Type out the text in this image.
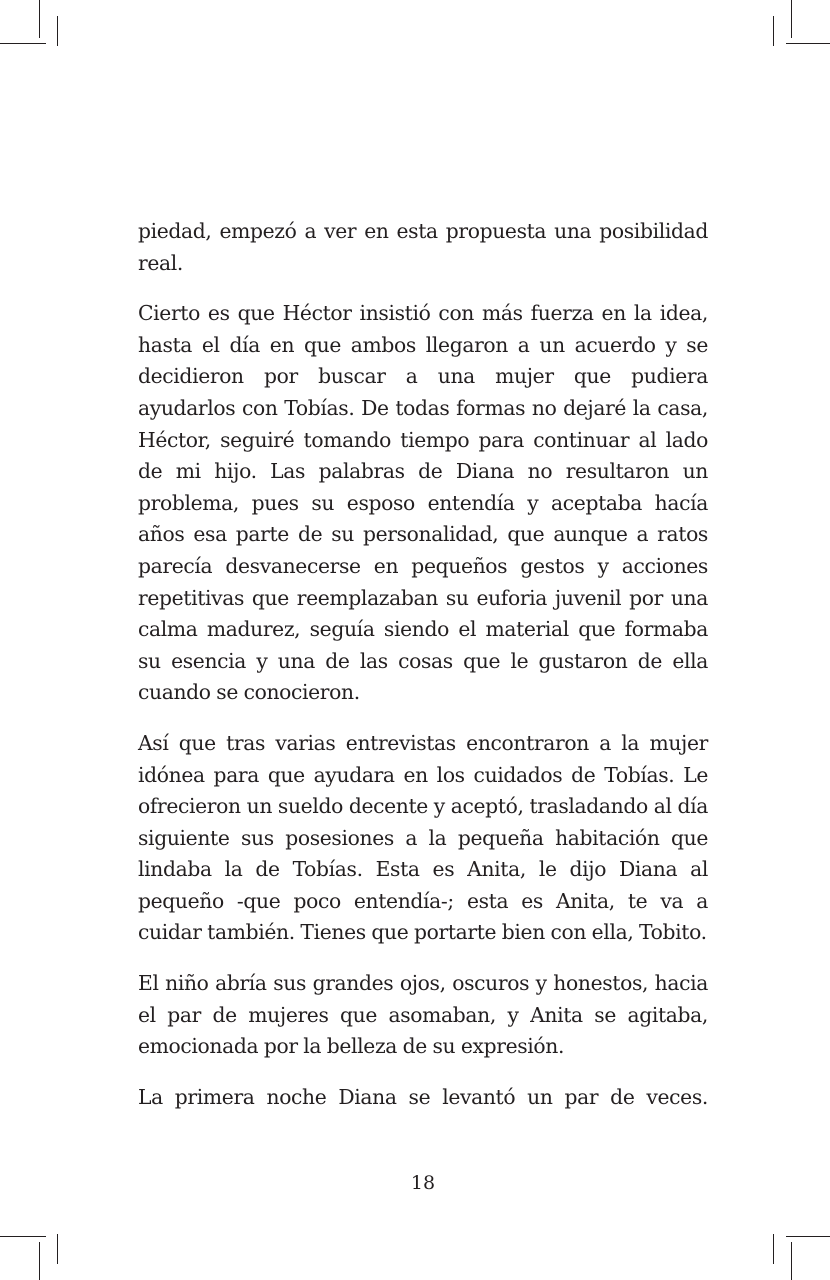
piedad, empezó a ver en esta propuesta una posibilidad real.

Cierto es que Héctor insistió con más fuerza en la idea, hasta el día en que ambos llegaron a un acuerdo y se decidieron por buscar a una mujer que pudiera ayudarlos con Tobías. De todas formas no dejaré la casa, Héctor, seguiré tomando tiempo para continuar al lado de mi hijo. Las palabras de Diana no resultaron un problema, pues su esposo entendía y aceptaba hacía años esa parte de su personalidad, que aunque a ratos parecía desvanecerse en pequeños gestos y acciones repetitivas que reemplazaban su euforia juvenil por una calma madurez, seguía siendo el material que formaba su esencia y una de las cosas que le gustaron de ella cuando se conocieron.

Así que tras varias entrevistas encontraron a la mujer idónea para que ayudara en los cuidados de Tobías. Le ofrecieron un sueldo decente y aceptó, trasladando al día siguiente sus posesiones a la pequeña habitación que lindaba la de Tobías. Esta es Anita, le dijo Diana al pequeño -que poco entendía-; esta es Anita, te va a cuidar también. Tienes que portarte bien con ella, Tobito.

El niño abría sus grandes ojos, oscuros y honestos, hacia el par de mujeres que asomaban, y Anita se agitaba, emocionada por la belleza de su expresión.

La primera noche Diana se levantó un par de veces.

18
